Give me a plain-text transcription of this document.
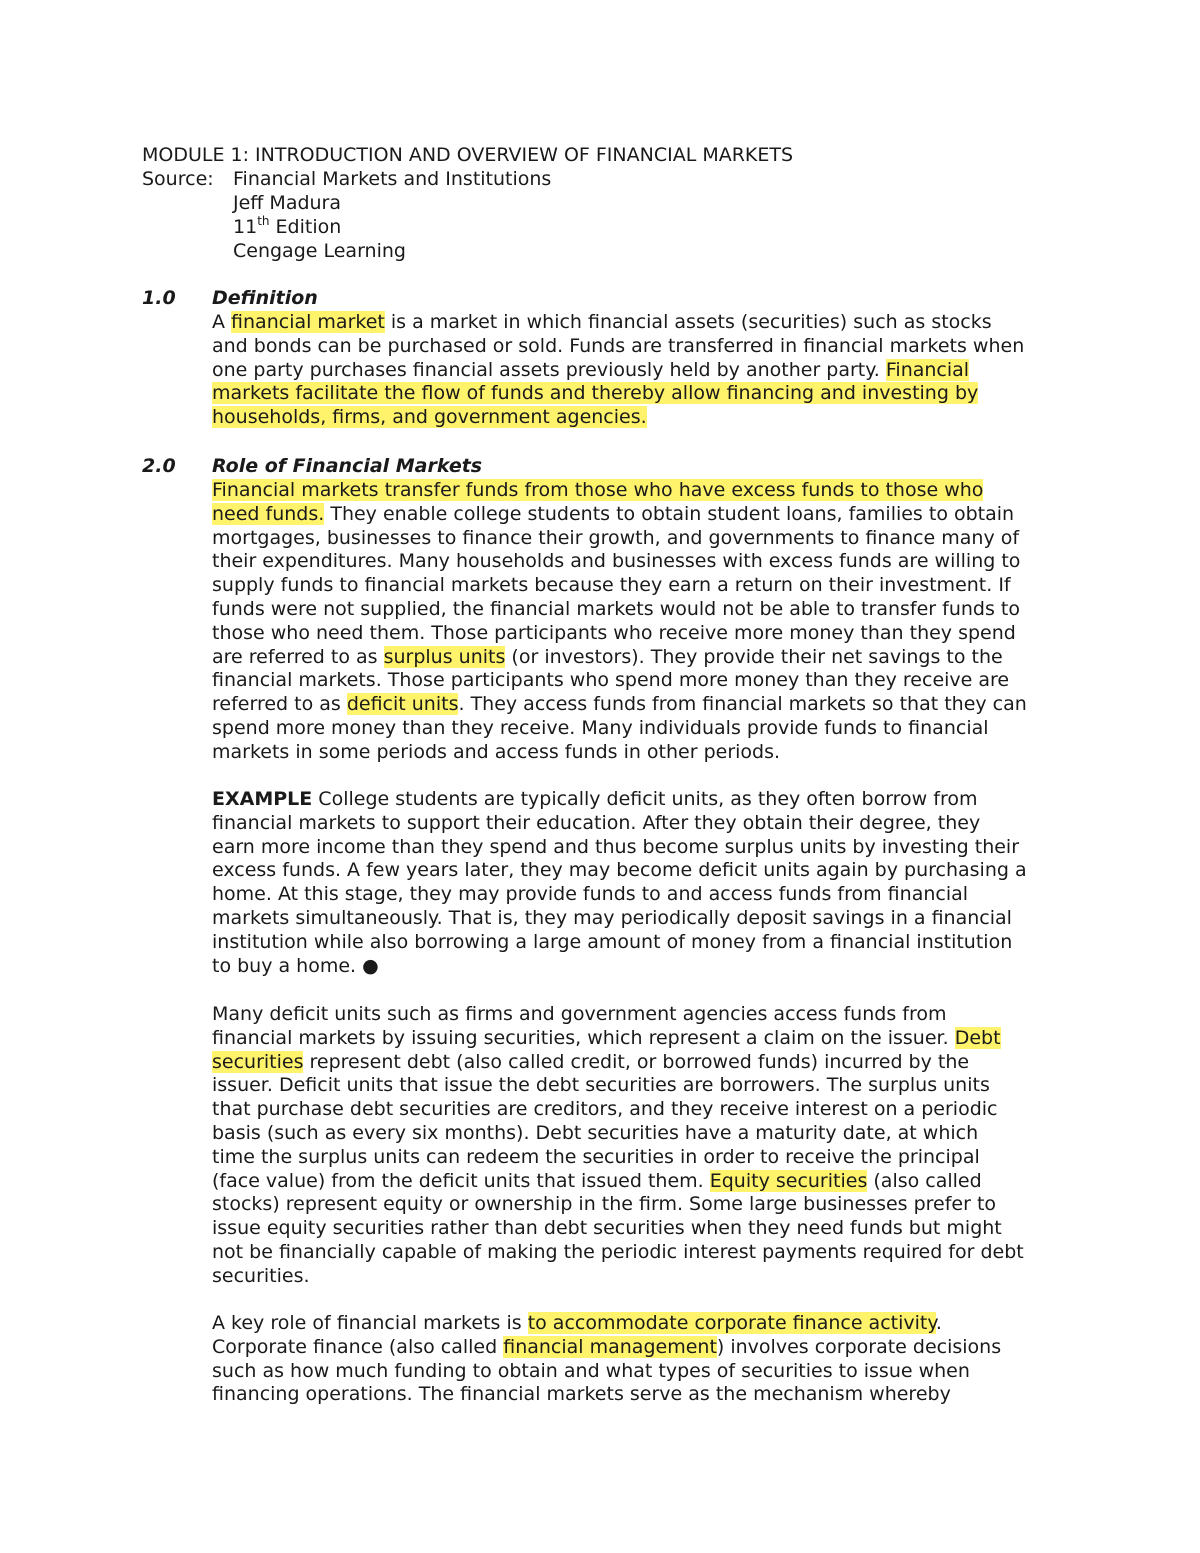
MODULE 1: INTRODUCTION AND OVERVIEW OF FINANCIAL MARKETS
Source: Financial Markets and Institutions
Jeff Madura
11th Edition
Cengage Learning
1.0 Definition
A financial market is a market in which financial assets (securities) such as stocks
and bonds can be purchased or sold. Funds are transferred in financial markets when
one party purchases financial assets previously held by another party. Financial
markets facilitate the flow of funds and thereby allow financing and investing by
households, firms, and government agencies.
2.0 Role of Financial Markets
Financial markets transfer funds from those who have excess funds to those who
need funds. They enable college students to obtain student loans, families to obtain
mortgages, businesses to finance their growth, and governments to finance many of
their expenditures. Many households and businesses with excess funds are willing to
supply funds to financial markets because they earn a return on their investment. If
funds were not supplied, the financial markets would not be able to transfer funds to
those who need them. Those participants who receive more money than they spend
are referred to as surplus units (or investors). They provide their net savings to the
financial markets. Those participants who spend more money than they receive are
referred to as deficit units. They access funds from financial markets so that they can
spend more money than they receive. Many individuals provide funds to financial
markets in some periods and access funds in other periods.
EXAMPLE College students are typically deficit units, as they often borrow from
financial markets to support their education. After they obtain their degree, they
earn more income than they spend and thus become surplus units by investing their
excess funds. A few years later, they may become deficit units again by purchasing a
home. At this stage, they may provide funds to and access funds from financial
markets simultaneously. That is, they may periodically deposit savings in a financial
institution while also borrowing a large amount of money from a financial institution
to buy a home. ●
Many deficit units such as firms and government agencies access funds from
financial markets by issuing securities, which represent a claim on the issuer. Debt
securities represent debt (also called credit, or borrowed funds) incurred by the
issuer. Deficit units that issue the debt securities are borrowers. The surplus units
that purchase debt securities are creditors, and they receive interest on a periodic
basis (such as every six months). Debt securities have a maturity date, at which
time the surplus units can redeem the securities in order to receive the principal
(face value) from the deficit units that issued them. Equity securities (also called
stocks) represent equity or ownership in the firm. Some large businesses prefer to
issue equity securities rather than debt securities when they need funds but might
not be financially capable of making the periodic interest payments required for debt
securities.
A key role of financial markets is to accommodate corporate finance activity.
Corporate finance (also called financial management) involves corporate decisions
such as how much funding to obtain and what types of securities to issue when
financing operations. The financial markets serve as the mechanism whereby
